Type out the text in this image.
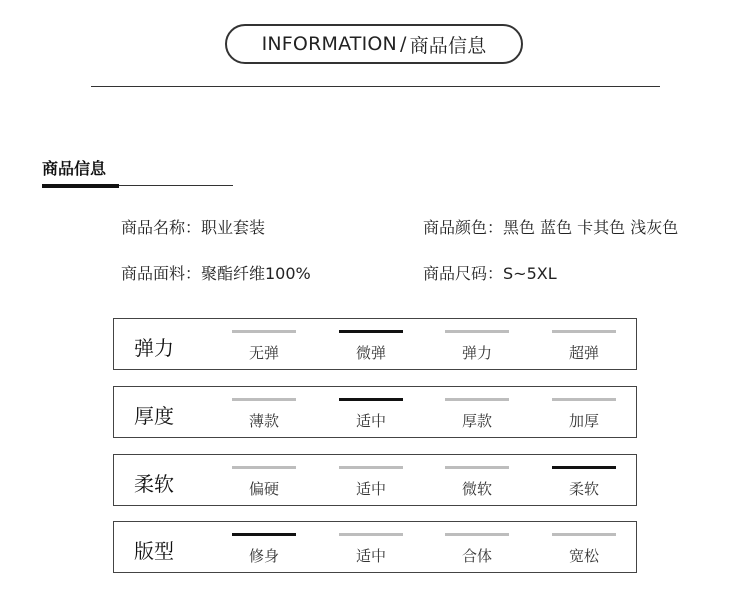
INFORMATION / 商品信息
商品信息
商品名称：职业套装	商品颜色：黑色 蓝色 卡其色 浅灰色
商品面料：聚酯纤维100%	商品尺码：S~5XL
弹力	无弹	微弹	弹力	超弹
厚度	薄款	适中	厚款	加厚
柔软	偏硬	适中	微软	柔软
版型	修身	适中	合体	宽松
